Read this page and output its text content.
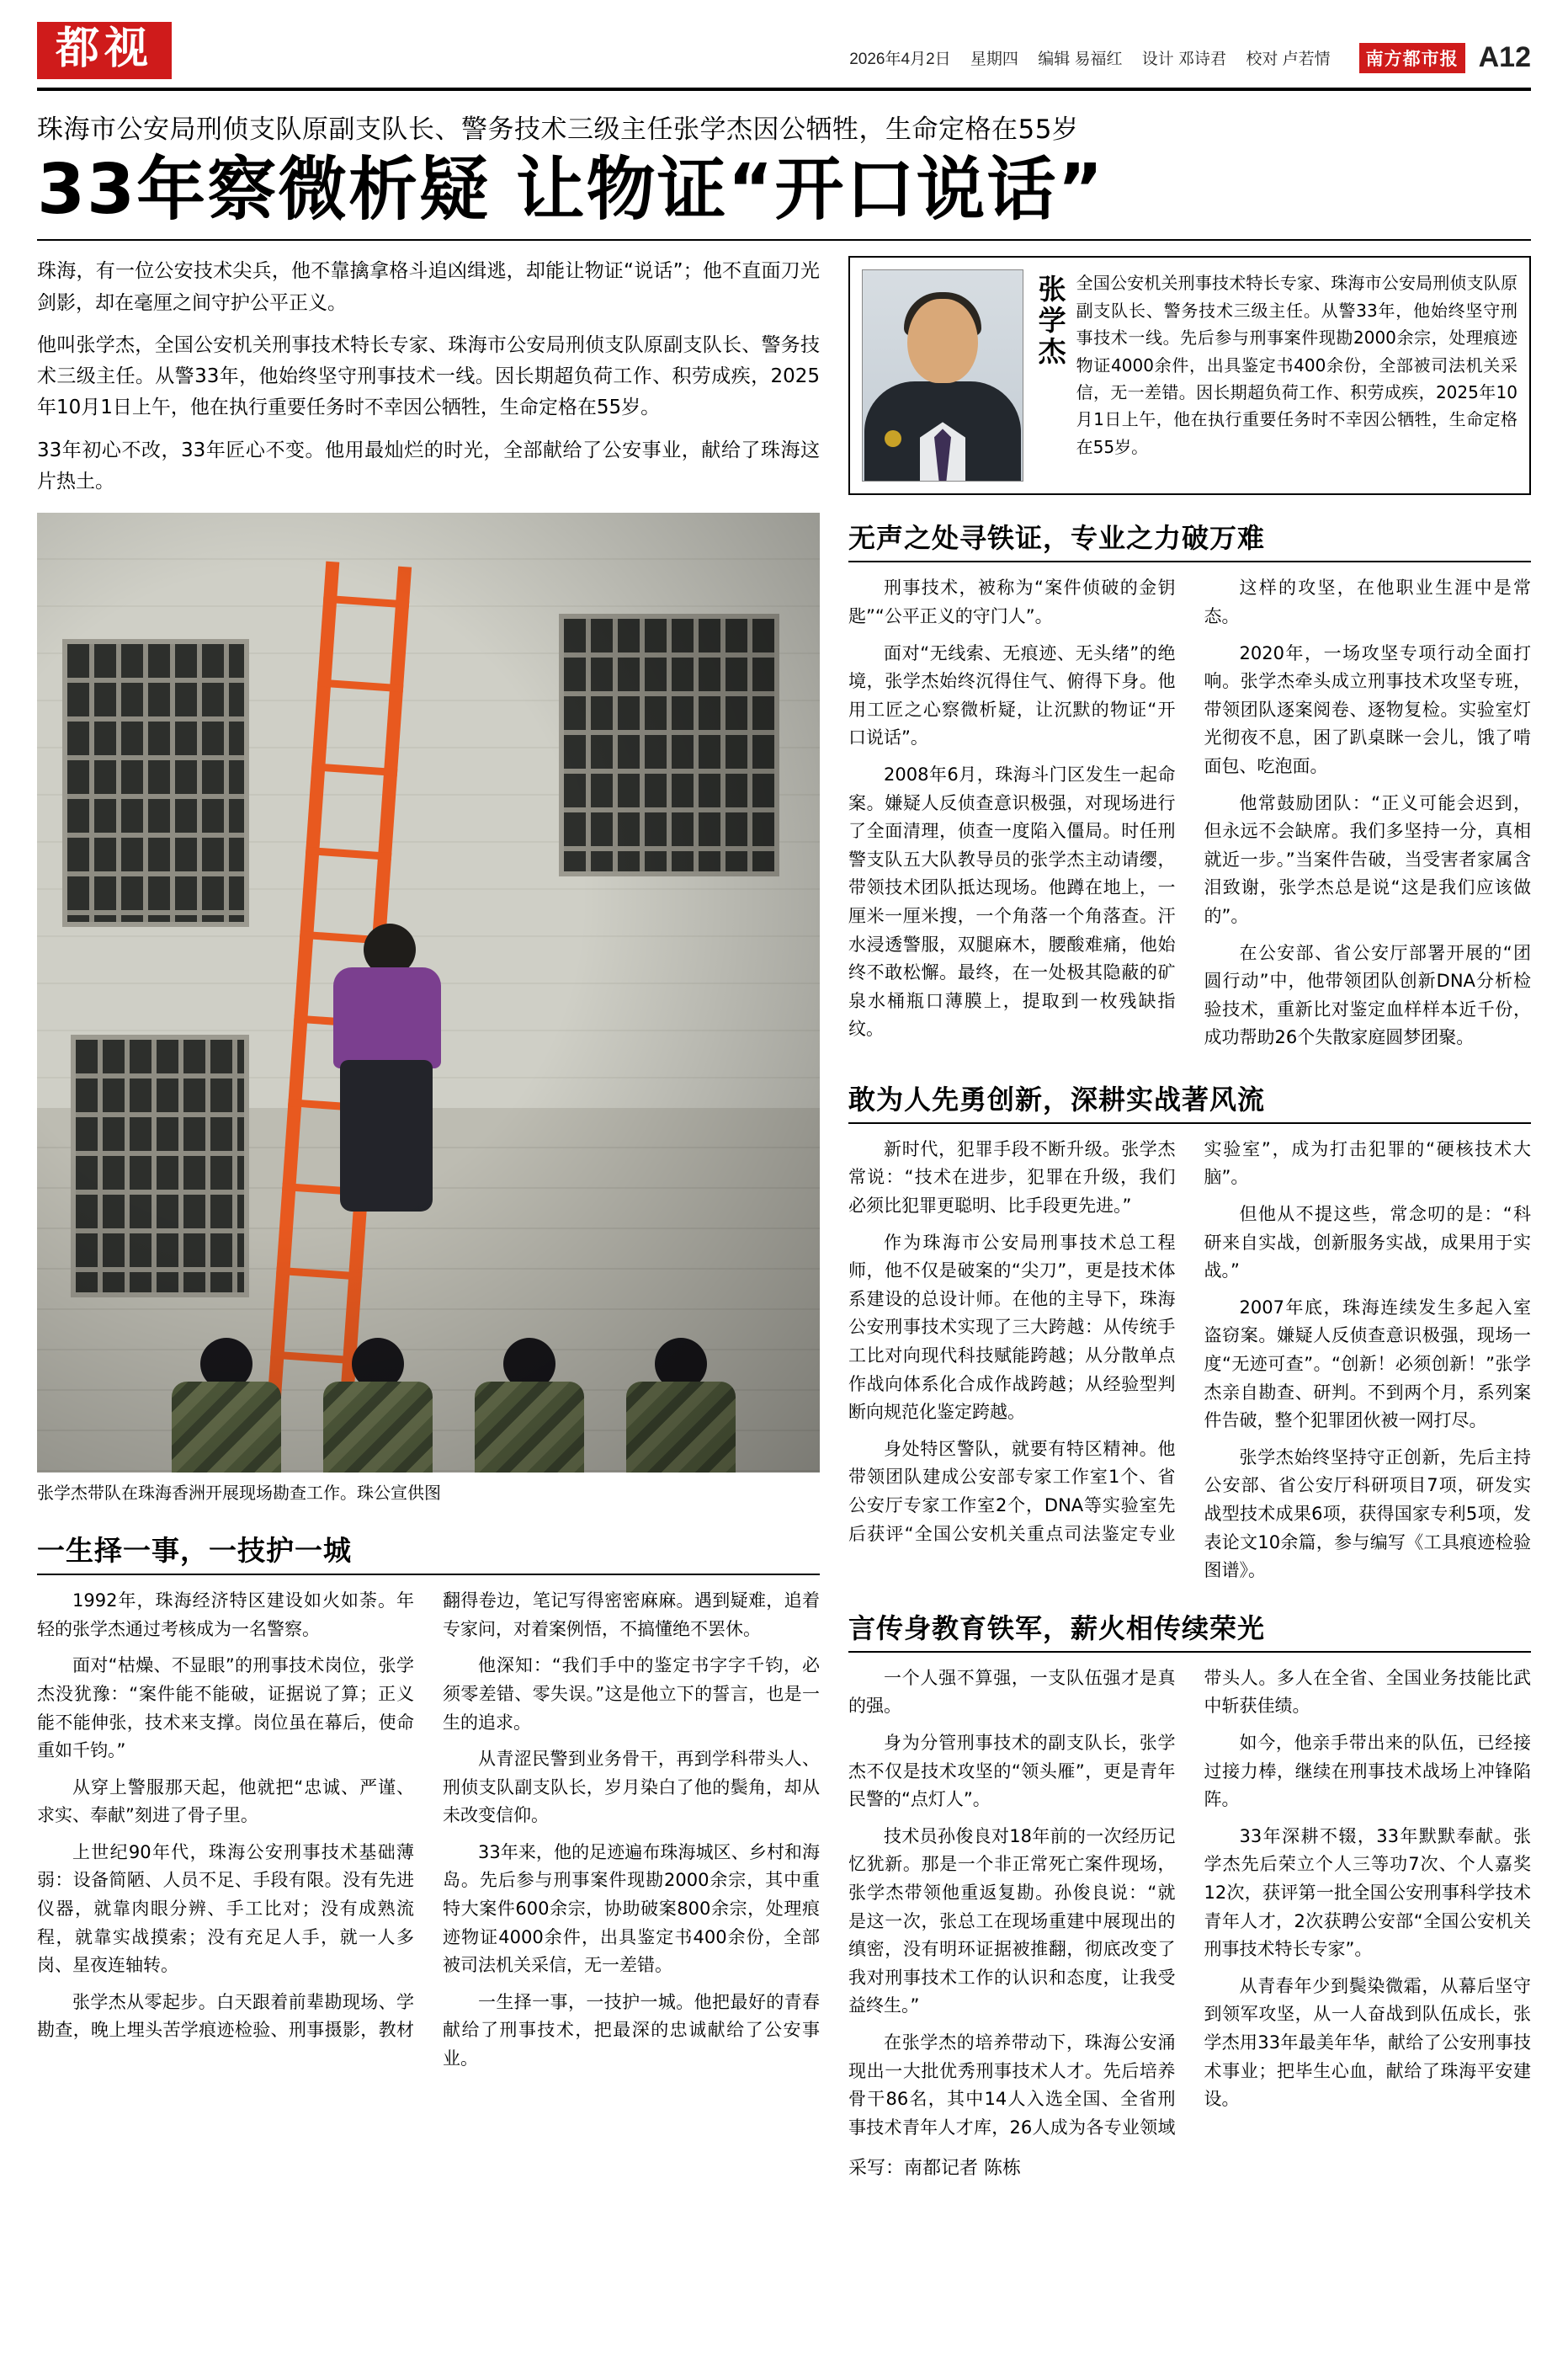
都视	2026年4月2日 星期四 编辑 易福红 设计 邓诗君 校对 卢若情	南方都市报 A12
珠海市公安局刑侦支队原副支队长、警务技术三级主任张学杰因公牺牲，生命定格在55岁
33年察微析疑 让物证“开口说话”

珠海，有一位公安技术尖兵，他不靠擒拿格斗追凶缉逃，却能让物证“说话”；他不直面刀光剑影，却在毫厘之间守护公平正义。

他叫张学杰，全国公安机关刑事技术特长专家、珠海市公安局刑侦支队原副支队长、警务技术三级主任。从警33年，他始终坚守刑事技术一线。因长期超负荷工作、积劳成疾，2025年10月1日上午，他在执行重要任务时不幸因公牺牲，生命定格在55岁。

33年初心不改，33年匠心不变。他用最灿烂的时光，全部献给了公安事业，献给了珠海这片热土。

张学杰带队在珠海香洲开展现场勘查工作。珠公宣供图
一生择一事，一技护一城

1992年，珠海经济特区建设如火如荼。年轻的张学杰通过考核成为一名警察。

面对“枯燥、不显眼”的刑事技术岗位，张学杰没犹豫：“案件能不能破，证据说了算；正义能不能伸张，技术来支撑。岗位虽在幕后，使命重如千钧。”

从穿上警服那天起，他就把“忠诚、严谨、求实、奉献”刻进了骨子里。

上世纪90年代，珠海公安刑事技术基础薄弱：设备简陋、人员不足、手段有限。没有先进仪器，就靠肉眼分辨、手工比对；没有成熟流程，就靠实战摸索；没有充足人手，就一人多岗、星夜连轴转。

张学杰从零起步。白天跟着前辈勘现场、学勘查，晚上埋头苦学痕迹检验、刑事摄影，教材翻得卷边，笔记写得密密麻麻。遇到疑难，追着专家问，对着案例悟，不搞懂绝不罢休。

他深知：“我们手中的鉴定书字字千钧，必须零差错、零失误。”这是他立下的誓言，也是一生的追求。

从青涩民警到业务骨干，再到学科带头人、刑侦支队副支队长，岁月染白了他的鬓角，却从未改变信仰。

33年来，他的足迹遍布珠海城区、乡村和海岛。先后参与刑事案件现勘2000余宗，其中重特大案件600余宗，协助破案800余宗，处理痕迹物证4000余件，出具鉴定书400余份，全部被司法机关采信，无一差错。

一生择一事，一技护一城。他把最好的青春献给了刑事技术，把最深的忠诚献给了公安事业。

张学杰 全国公安机关刑事技术特长专家、珠海市公安局刑侦支队原副支队长、警务技术三级主任。从警33年，他始终坚守刑事技术一线。先后参与刑事案件现勘2000余宗，处理痕迹物证4000余件，出具鉴定书400余份，全部被司法机关采信，无一差错。因长期超负荷工作、积劳成疾，2025年10月1日上午，他在执行重要任务时不幸因公牺牲，生命定格在55岁。
无声之处寻铁证，专业之力破万难

刑事技术，被称为“案件侦破的金钥匙”“公平正义的守门人”。

面对“无线索、无痕迹、无头绪”的绝境，张学杰始终沉得住气、俯得下身。他用工匠之心察微析疑，让沉默的物证“开口说话”。

2008年6月，珠海斗门区发生一起命案。嫌疑人反侦查意识极强，对现场进行了全面清理，侦查一度陷入僵局。时任刑警支队五大队教导员的张学杰主动请缨，带领技术团队抵达现场。他蹲在地上，一厘米一厘米搜，一个角落一个角落查。汗水浸透警服，双腿麻木，腰酸难痛，他始终不敢松懈。最终，在一处极其隐蔽的矿泉水桶瓶口薄膜上，提取到一枚残缺指纹。

这样的攻坚，在他职业生涯中是常态。

2020年，一场攻坚专项行动全面打响。张学杰牵头成立刑事技术攻坚专班，带领团队逐案阅卷、逐物复检。实验室灯光彻夜不息，困了趴桌眯一会儿，饿了啃面包、吃泡面。

他常鼓励团队：“正义可能会迟到，但永远不会缺席。我们多坚持一分，真相就近一步。”当案件告破，当受害者家属含泪致谢，张学杰总是说“这是我们应该做的”。

在公安部、省公安厅部署开展的“团圆行动”中，他带领团队创新DNA分析检验技术，重新比对鉴定血样样本近千份，成功帮助26个失散家庭圆梦团聚。

敢为人先勇创新，深耕实战著风流

新时代，犯罪手段不断升级。张学杰常说：“技术在进步，犯罪在升级，我们必须比犯罪更聪明、比手段更先进。”

作为珠海市公安局刑事技术总工程师，他不仅是破案的“尖刀”，更是技术体系建设的总设计师。在他的主导下，珠海公安刑事技术实现了三大跨越：从传统手工比对向现代科技赋能跨越；从分散单点作战向体系化合成作战跨越；从经验型判断向规范化鉴定跨越。

身处特区警队，就要有特区精神。他带领团队建成公安部专家工作室1个、省公安厅专家工作室2个，DNA等实验室先后获评“全国公安机关重点司法鉴定专业实验室”，成为打击犯罪的“硬核技术大脑”。

但他从不提这些，常念叨的是：“科研来自实战，创新服务实战，成果用于实战。”

2007年底，珠海连续发生多起入室盗窃案。嫌疑人反侦查意识极强，现场一度“无迹可查”。“创新！必须创新！”张学杰亲自勘查、研判。不到两个月，系列案件告破，整个犯罪团伙被一网打尽。

张学杰始终坚持守正创新，先后主持公安部、省公安厅科研项目7项，研发实战型技术成果6项，获得国家专利5项，发表论文10余篇，参与编写《工具痕迹检验图谱》。

言传身教育铁军，薪火相传续荣光

一个人强不算强，一支队伍强才是真的强。

身为分管刑事技术的副支队长，张学杰不仅是技术攻坚的“领头雁”，更是青年民警的“点灯人”。

技术员孙俊良对18年前的一次经历记忆犹新。那是一个非正常死亡案件现场，张学杰带领他重返复勘。孙俊良说：“就是这一次，张总工在现场重建中展现出的缜密，没有明环证据被推翻，彻底改变了我对刑事技术工作的认识和态度，让我受益终生。”

在张学杰的培养带动下，珠海公安涌现出一大批优秀刑事技术人才。先后培养骨干86名，其中14人入选全国、全省刑事技术青年人才库，26人成为各专业领域带头人。多人在全省、全国业务技能比武中斩获佳绩。

如今，他亲手带出来的队伍，已经接过接力棒，继续在刑事技术战场上冲锋陷阵。

33年深耕不辍，33年默默奉献。张学杰先后荣立个人三等功7次、个人嘉奖12次，获评第一批全国公安刑事科学技术青年人才，2次获聘公安部“全国公安机关刑事技术特长专家”。

从青春年少到鬓染微霜，从幕后坚守到领军攻坚，从一人奋战到队伍成长，张学杰用33年最美年华，献给了公安刑事技术事业；把毕生心血，献给了珠海平安建设。

采写：南都记者 陈栋
